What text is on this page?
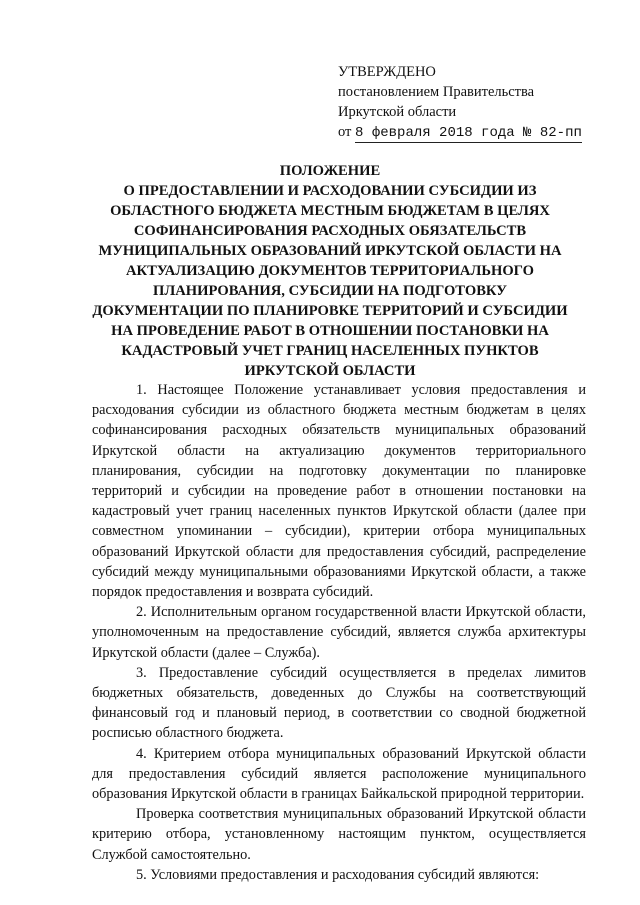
УТВЕРЖДЕНО
постановлением Правительства
Иркутской области
от 8 февраля 2018 года № 82-пп
ПОЛОЖЕНИЕ
О ПРЕДОСТАВЛЕНИИ И РАСХОДОВАНИИ СУБСИДИИ ИЗ
ОБЛАСТНОГО БЮДЖЕТА МЕСТНЫМ БЮДЖЕТАМ В ЦЕЛЯХ
СОФИНАНСИРОВАНИЯ РАСХОДНЫХ ОБЯЗАТЕЛЬСТВ
МУНИЦИПАЛЬНЫХ ОБРАЗОВАНИЙ ИРКУТСКОЙ ОБЛАСТИ НА
АКТУАЛИЗАЦИЮ ДОКУМЕНТОВ ТЕРРИТОРИАЛЬНОГО
ПЛАНИРОВАНИЯ, СУБСИДИИ НА ПОДГОТОВКУ
ДОКУМЕНТАЦИИ ПО ПЛАНИРОВКЕ ТЕРРИТОРИЙ И СУБСИДИИ
НА ПРОВЕДЕНИЕ РАБОТ В ОТНОШЕНИИ ПОСТАНОВКИ НА
КАДАСТРОВЫЙ УЧЕТ ГРАНИЦ НАСЕЛЕННЫХ ПУНКТОВ
ИРКУТСКОЙ ОБЛАСТИ

1. Настоящее Положение устанавливает условия предоставления и расходования субсидии из областного бюджета местным бюджетам в целях софинансирования расходных обязательств муниципальных образований Иркутской области на актуализацию документов территориального планирования, субсидии на подготовку документации по планировке территорий и субсидии на проведение работ в отношении постановки на кадастровый учет границ населенных пунктов Иркутской области (далее при совместном упоминании – субсидии), критерии отбора муниципальных образований Иркутской области для предоставления субсидий, распределение субсидий между муниципальными образованиями Иркутской области, а также порядок предоставления и возврата субсидий.

2. Исполнительным органом государственной власти Иркутской области, уполномоченным на предоставление субсидий, является служба архитектуры Иркутской области (далее – Служба).

3. Предоставление субсидий осуществляется в пределах лимитов бюджетных обязательств, доведенных до Службы на соответствующий финансовый год и плановый период, в соответствии со сводной бюджетной росписью областного бюджета.

4. Критерием отбора муниципальных образований Иркутской области для предоставления субсидий является расположение муниципального образования Иркутской области в границах Байкальской природной территории.

Проверка соответствия муниципальных образований Иркутской области критерию отбора, установленному настоящим пунктом, осуществляется Службой самостоятельно.

5. Условиями предоставления и расходования субсидий являются:
